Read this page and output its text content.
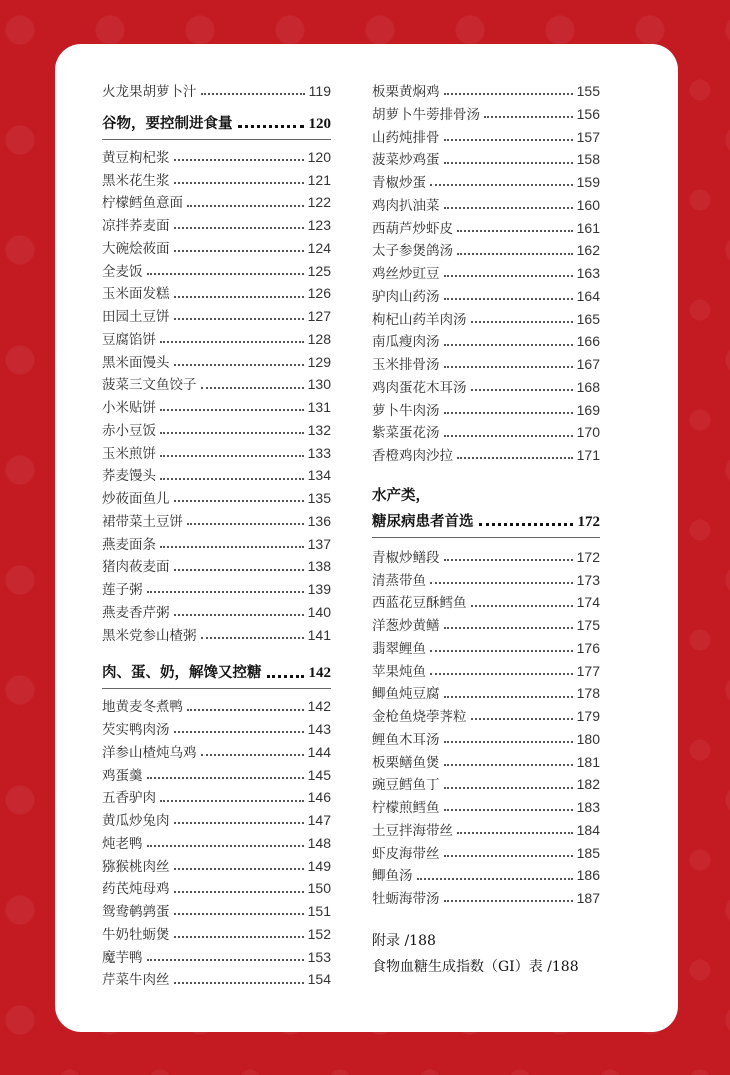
火龙果胡萝卜汁	119
谷物，要控制进食量	120
黄豆枸杞浆	120
黑米花生浆	121
柠檬鳕鱼意面	122
凉拌荞麦面	123
大碗烩莜面	124
全麦饭	125
玉米面发糕	126
田园土豆饼	127
豆腐馅饼	128
黑米面馒头	129
菠菜三文鱼饺子	130
小米贴饼	131
赤小豆饭	132
玉米煎饼	133
荞麦馒头	134
炒莜面鱼儿	135
裙带菜土豆饼	136
燕麦面条	137
猪肉莜麦面	138
莲子粥	139
燕麦香芹粥	140
黑米党参山楂粥	141
肉、蛋、奶，解馋又控糖	142
地黄麦冬煮鸭	142
芡实鸭肉汤	143
洋参山楂炖乌鸡	144
鸡蛋羹	145
五香驴肉	146
黄瓜炒兔肉	147
炖老鸭	148
猕猴桃肉丝	149
药芪炖母鸡	150
鸳鸯鹌鹑蛋	151
牛奶牡蛎煲	152
魔芋鸭	153
芹菜牛肉丝	154
板栗黄焖鸡	155
胡萝卜牛蒡排骨汤	156
山药炖排骨	157
菠菜炒鸡蛋	158
青椒炒蛋	159
鸡肉扒油菜	160
西葫芦炒虾皮	161
太子参煲鸽汤	162
鸡丝炒豇豆	163
驴肉山药汤	164
枸杞山药羊肉汤	165
南瓜瘦肉汤	166
玉米排骨汤	167
鸡肉蛋花木耳汤	168
萝卜牛肉汤	169
紫菜蛋花汤	170
香橙鸡肉沙拉	171
水产类，
糖尿病患者首选	172
青椒炒鳝段	172
清蒸带鱼	173
西蓝花豆酥鳕鱼	174
洋葱炒黄鳝	175
翡翠鲤鱼	176
苹果炖鱼	177
鲫鱼炖豆腐	178
金枪鱼烧荸荠粒	179
鲤鱼木耳汤	180
板栗鳝鱼煲	181
豌豆鳕鱼丁	182
柠檬煎鳕鱼	183
土豆拌海带丝	184
虾皮海带丝	185
鲫鱼汤	186
牡蛎海带汤	187
附录 /188
食物血糖生成指数（GI）表 /188
